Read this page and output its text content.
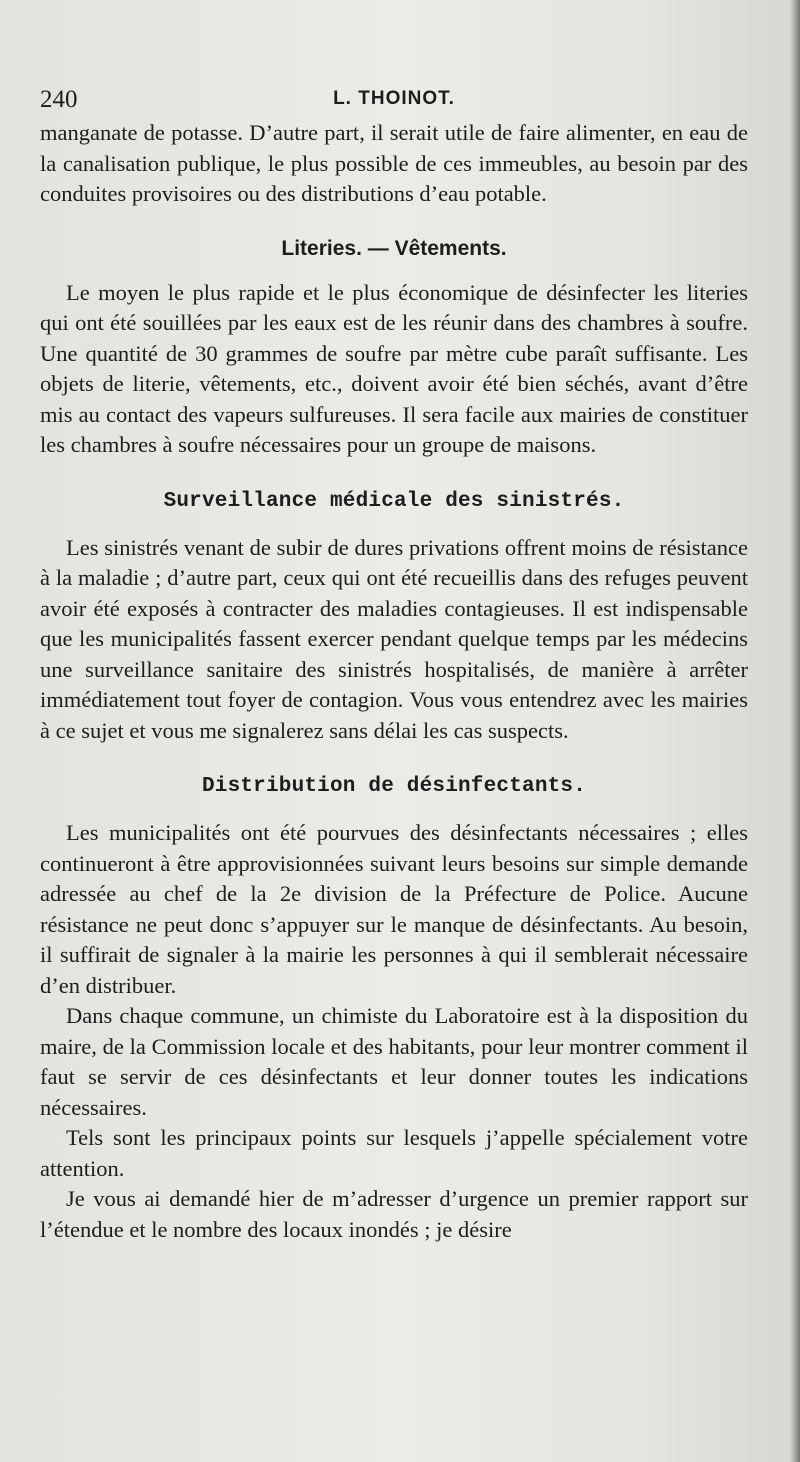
240	L. THOINOT.

manganate de potasse. D’autre part, il serait utile de faire alimenter, en eau de la canalisation publique, le plus possible de ces immeubles, au besoin par des conduites provisoires ou des distributions d’eau potable.

Literies. — Vêtements.

Le moyen le plus rapide et le plus économique de désinfecter les literies qui ont été souillées par les eaux est de les réunir dans des chambres à soufre. Une quantité de 30 grammes de soufre par mètre cube paraît suffisante. Les objets de literie, vêtements, etc., doivent avoir été bien séchés, avant d’être mis au contact des vapeurs sulfureuses. Il sera facile aux mairies de constituer les chambres à soufre nécessaires pour un groupe de maisons.

Surveillance médicale des sinistrés.

Les sinistrés venant de subir de dures privations offrent moins de résistance à la maladie ; d’autre part, ceux qui ont été recueillis dans des refuges peuvent avoir été exposés à contracter des maladies contagieuses. Il est indispensable que les municipalités fassent exercer pendant quelque temps par les médecins une surveillance sanitaire des sinistrés hospitalisés, de manière à arrêter immédiatement tout foyer de contagion. Vous vous entendrez avec les mairies à ce sujet et vous me signalerez sans délai les cas suspects.

Distribution de désinfectants.

Les municipalités ont été pourvues des désinfectants nécessaires ; elles continueront à être approvisionnées suivant leurs besoins sur simple demande adressée au chef de la 2e division de la Préfecture de Police. Aucune résistance ne peut donc s’appuyer sur le manque de désinfectants. Au besoin, il suffirait de signaler à la mairie les personnes à qui il semblerait nécessaire d’en distribuer.

Dans chaque commune, un chimiste du Laboratoire est à la disposition du maire, de la Commission locale et des habitants, pour leur montrer comment il faut se servir de ces désinfectants et leur donner toutes les indications nécessaires.

Tels sont les principaux points sur lesquels j’appelle spécialement votre attention.

Je vous ai demandé hier de m’adresser d’urgence un premier rapport sur l’étendue et le nombre des locaux inondés ; je désire
